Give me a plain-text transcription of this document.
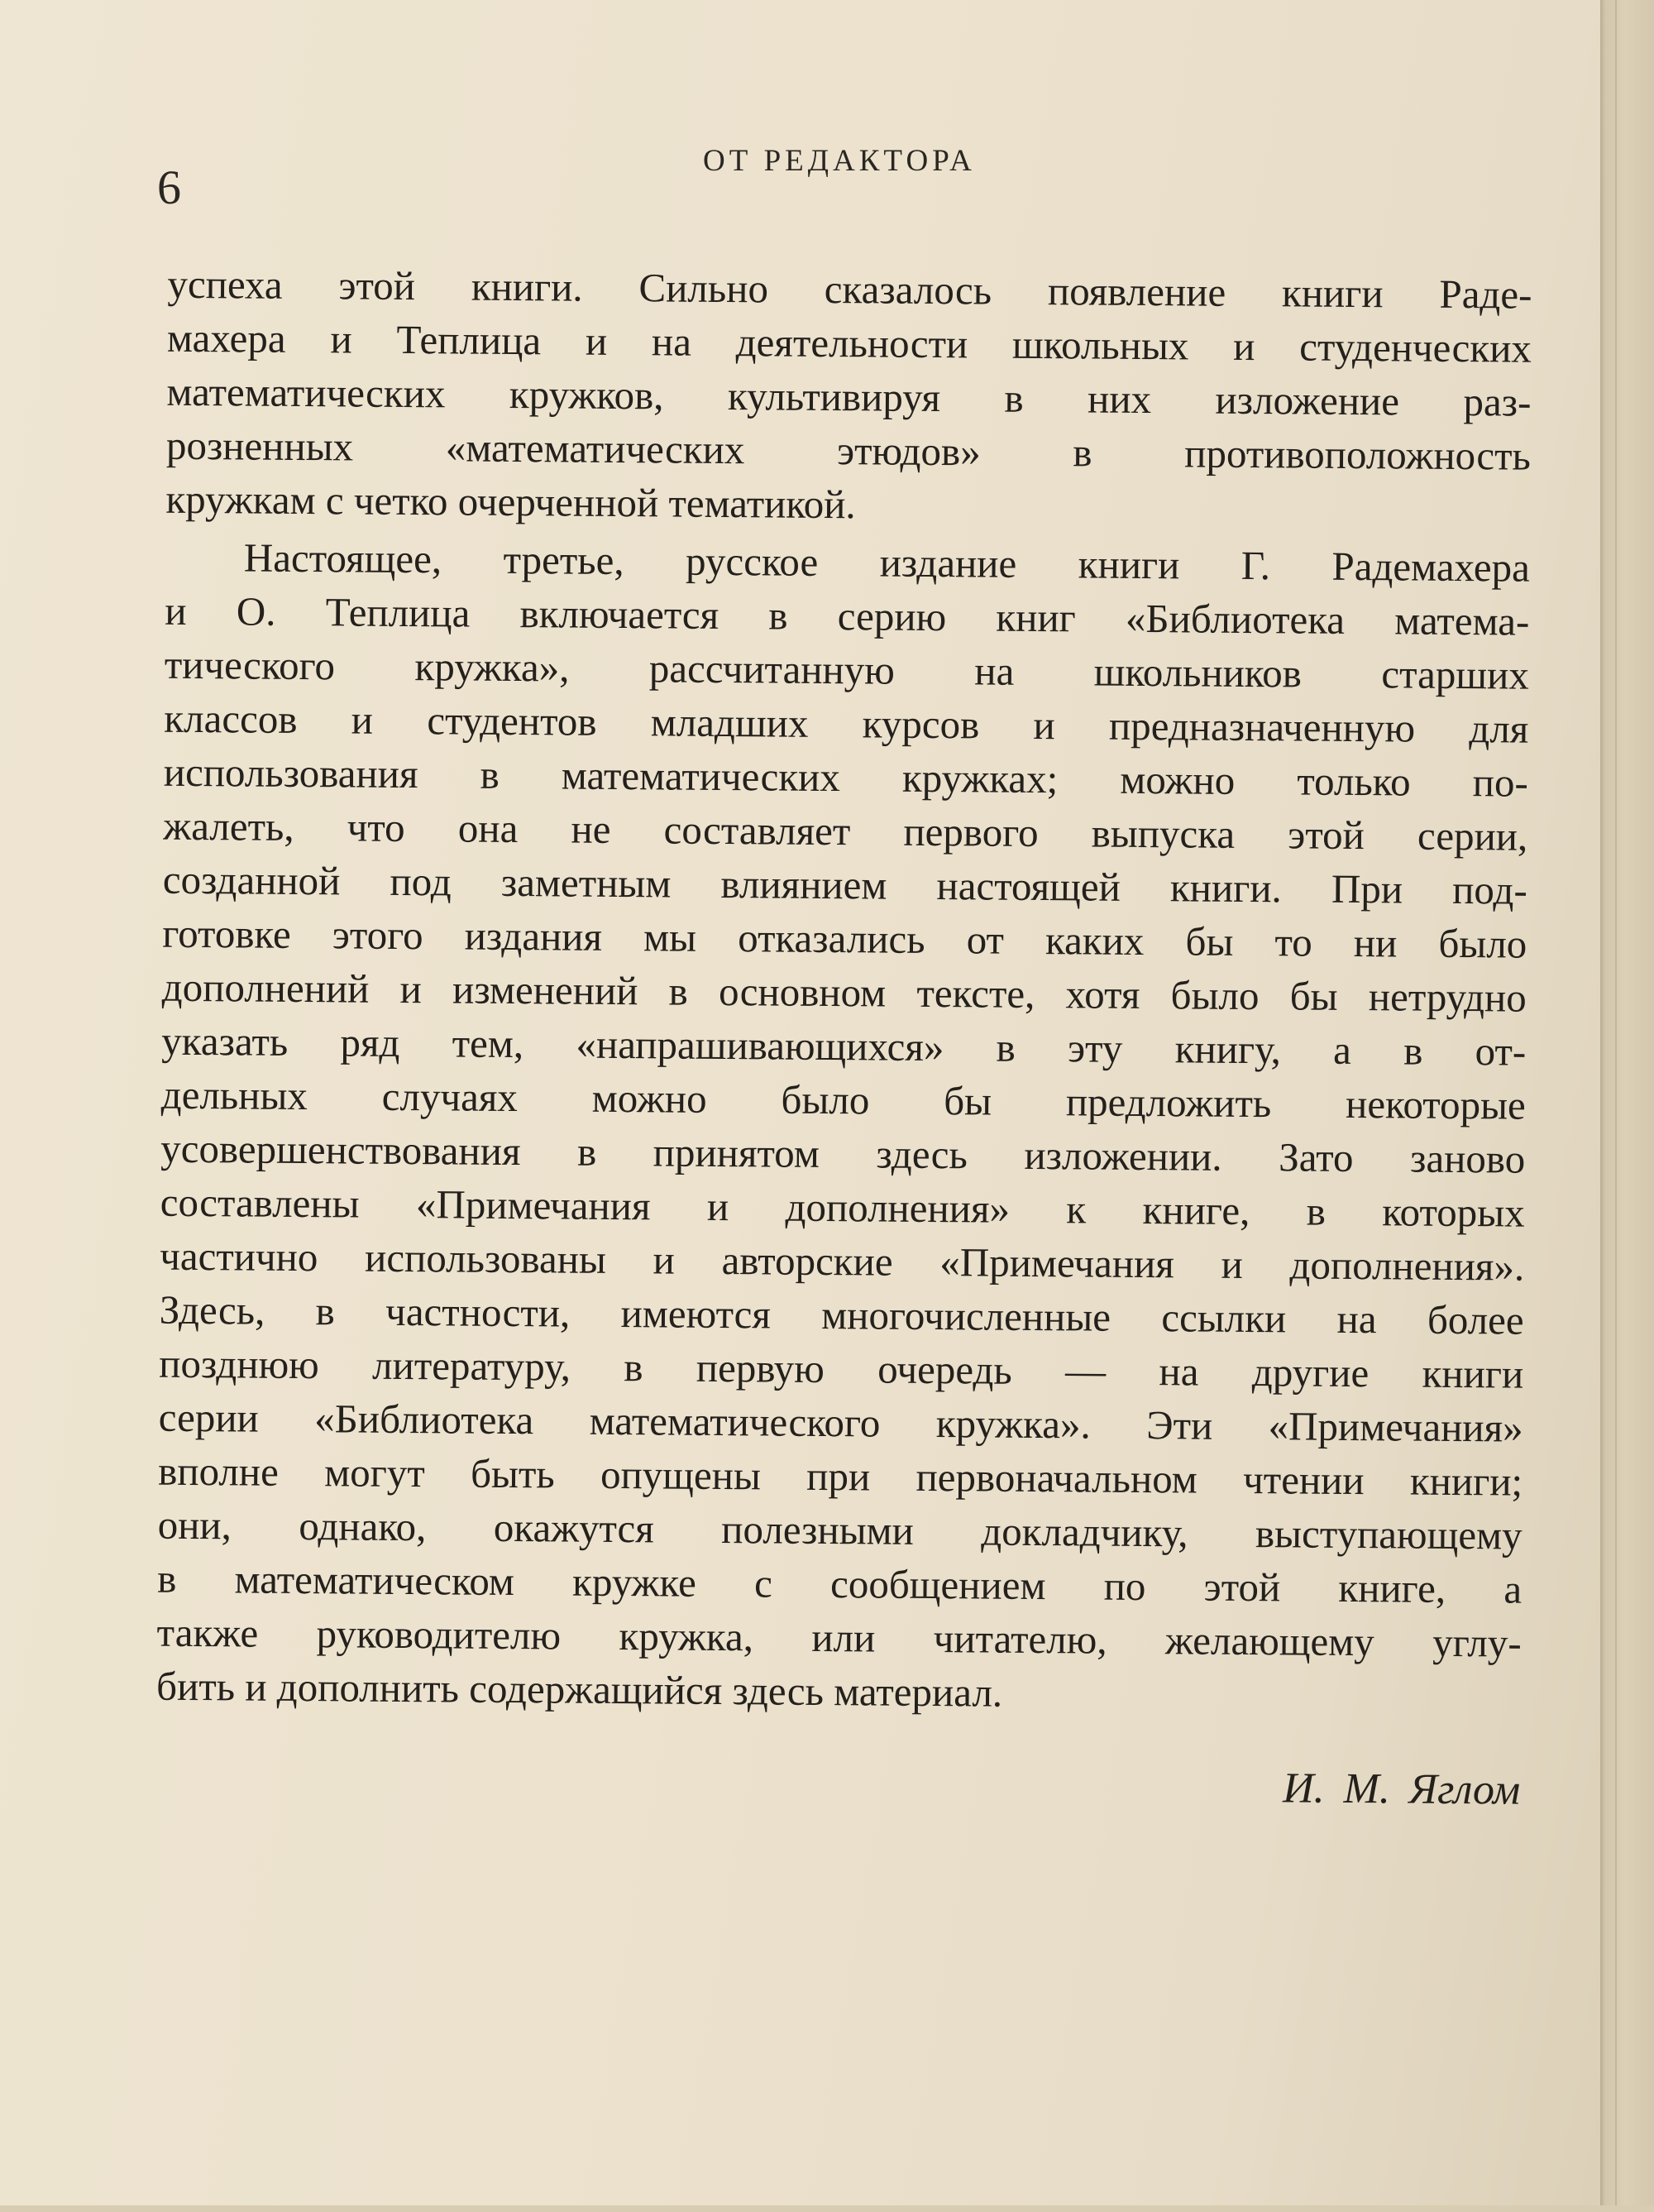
6	ОТ РЕДАКТОРА
успеха этой книги. Сильно сказалось появление книги Раде-
махера и Теплица и на деятельности школьных и студенческих
математических кружков, культивируя в них изложение раз-
розненных «математических этюдов» в противоположность
кружкам с четко очерченной тематикой.
Настоящее, третье, русское издание книги Г. Радемахера
и О. Теплица включается в серию книг «Библиотека матема-
тического кружка», рассчитанную на школьников старших
классов и студентов младших курсов и предназначенную для
использования в математических кружках; можно только по-
жалеть, что она не составляет первого выпуска этой серии,
созданной под заметным влиянием настоящей книги. При под-
готовке этого издания мы отказались от каких бы то ни было
дополнений и изменений в основном тексте, хотя было бы нетрудно
указать ряд тем, «напрашивающихся» в эту книгу, а в от-
дельных случаях можно было бы предложить некоторые
усовершенствования в принятом здесь изложении. Зато заново
составлены «Примечания и дополнения» к книге, в которых
частично использованы и авторские «Примечания и дополнения».
Здесь, в частности, имеются многочисленные ссылки на более
позднюю литературу, в первую очередь — на другие книги
серии «Библиотека математического кружка». Эти «Примечания»
вполне могут быть опущены при первоначальном чтении книги;
они, однако, окажутся полезными докладчику, выступающему
в математическом кружке с сообщением по этой книге, а
также руководителю кружка, или читателю, желающему углу-
бить и дополнить содержащийся здесь материал.
И. М. Яглом
